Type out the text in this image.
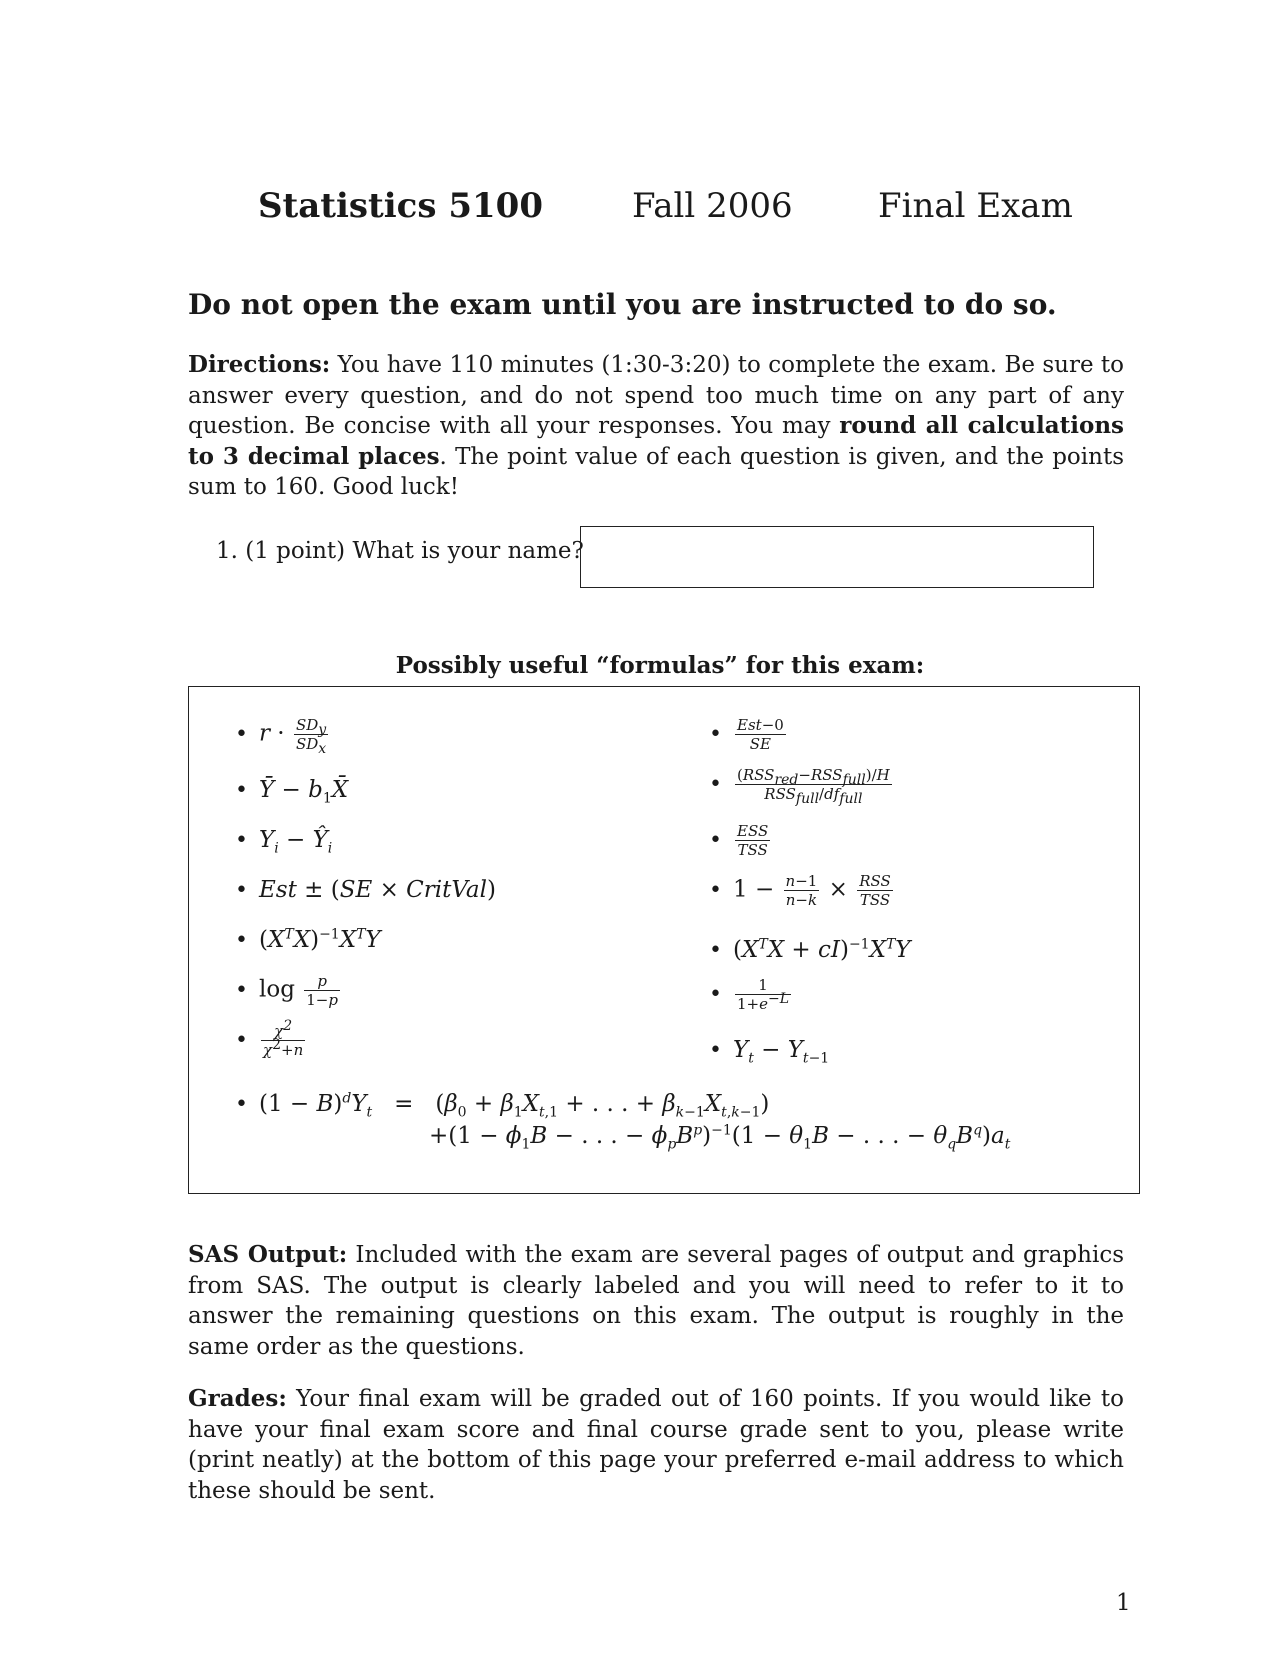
Statistics 5100	Fall 2006	Final Exam
Do not open the exam until you are instructed to do so.
Directions: You have 110 minutes (1:30-3:20) to complete the exam. Be sure to answer every question, and do not spend too much time on any part of any question. Be concise with all your responses. You may round all calculations to 3 decimal places. The point value of each question is given, and the points sum to 160. Good luck!
1. (1 point) What is your name?
Possibly useful “formulas” for this exam:
• $r \cdot \frac{SD_y}{SD_x}$
• Ȳ − $b_1X̄$
• $Y_i$ − $Ŷ_i$
• Est ± (SE × CritVal)
• $(X^TX)^{-1}X^TY$
• $\log \frac{p}{1-p}$
• $\frac{\chi^2}{\chi^2+n}$
• $\frac{\text{Est−0}}{SE}$
• $\frac{(RSS_{red}-RSS_{full})/H}{RSS_{full}/df_{full}}$
• $\frac{\text{ESS}}{\text{TSS}}$
• $1 - \frac{n-1}{n-k} \times \frac{\text{RSS}}{\text{TSS}}$
• $(X^TX + cI)^{-1}X^TY$
• $\frac{1}{1+e^{-L}}$
• $Y_t - Y_{t-1}$
• $(1 - B)^dY_t = (\beta_0 + \beta_1X_{t,1}$ + . . . + $\beta_{k-1}X_{t,k-1}$)
$+(1 - \phi_1B$ − . . . − $\phi_pB^p)^{-1}(1 - \theta_1B$ − . . . − $\theta_qB^q)a_t$
SAS Output: Included with the exam are several pages of output and graphics from SAS. The output is clearly labeled and you will need to refer to it to answer the remaining questions on this exam. The output is roughly in the same order as the questions.
Grades: Your final exam will be graded out of 160 points. If you would like to have your final exam score and final course grade sent to you, please write (print neatly) at the bottom of this page your preferred e-mail address to which these should be sent.
1
